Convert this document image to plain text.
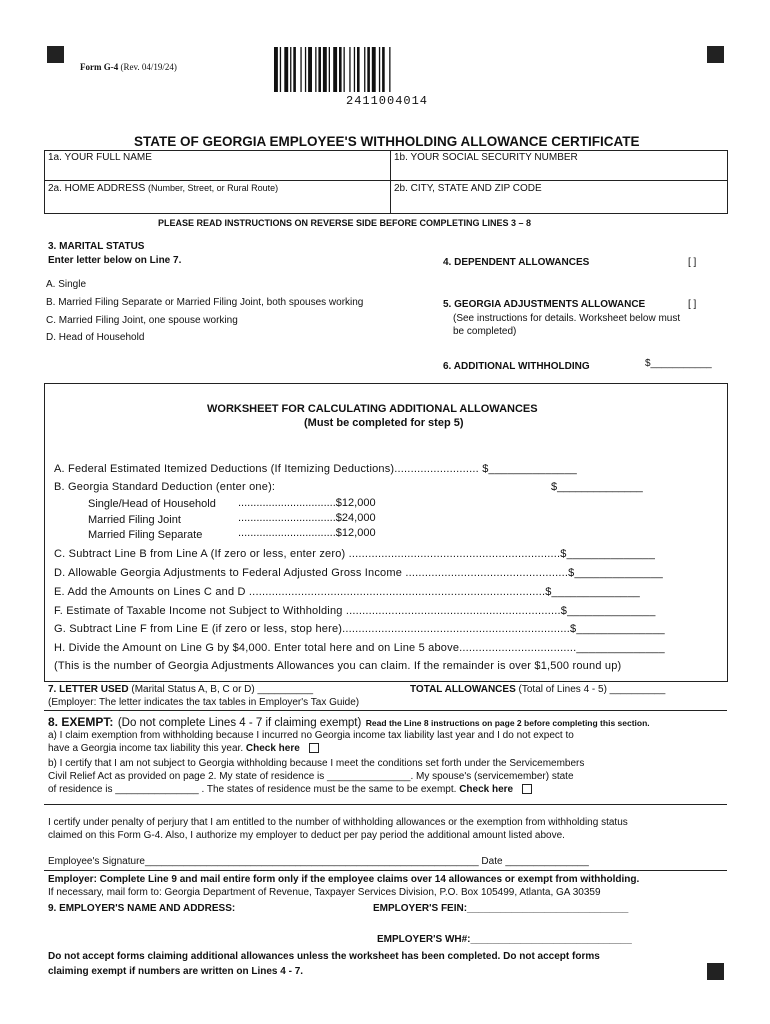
Form G-4 (Rev. 04/19/24)
2411004014
STATE OF GEORGIA EMPLOYEE'S WITHHOLDING ALLOWANCE CERTIFICATE
1a. YOUR FULL NAME	1b. YOUR SOCIAL SECURITY NUMBER
2a. HOME ADDRESS (Number, Street, or Rural Route)	2b. CITY, STATE AND ZIP CODE
PLEASE READ INSTRUCTIONS ON REVERSE SIDE BEFORE COMPLETING LINES 3 – 8
3. MARITAL STATUS
Enter letter below on Line 7.
A. Single
B. Married Filing Separate or Married Filing Joint, both spouses working
C. Married Filing Joint, one spouse working
D. Head of Household
4. DEPENDENT ALLOWANCES	[ ]
5. GEORGIA ADJUSTMENTS ALLOWANCE	[ ]
(See instructions for details. Worksheet below must
be completed)
6. ADDITIONAL WITHHOLDING	$___________
WORKSHEET FOR CALCULATING ADDITIONAL ALLOWANCES
(Must be completed for step 5)
A. Federal Estimated Itemized Deductions (If Itemizing Deductions).......................... $______________
B. Georgia Standard Deduction (enter one):	$______________
Single/Head of Household ................................$12,000
Married Filing Joint	................................$24,000
Married Filing Separate	................................$12,000
C. Subtract Line B from Line A (If zero or less, enter zero) .................................................................$______________
D. Allowable Georgia Adjustments to Federal Adjusted Gross Income ..................................................$______________
E. Add the Amounts on Lines C and D ...........................................................................................$______________
F. Estimate of Taxable Income not Subject to Withholding ..................................................................$______________
G. Subtract Line F from Line E (if zero or less, stop here)......................................................................$______________
H. Divide the Amount on Line G by $4,000. Enter total here and on Line 5 above....................................______________
(This is the number of Georgia Adjustments Allowances you can claim. If the remainder is over $1,500 round up)
7. LETTER USED (Marital Status A, B, C or D) __________	TOTAL ALLOWANCES (Total of Lines 4 - 5) __________
(Employer: The letter indicates the tax tables in Employer's Tax Guide)
8. EXEMPT: (Do not complete Lines 4 - 7 if claiming exempt) Read the Line 8 instructions on page 2 before completing this section.
a) I claim exemption from withholding because I incurred no Georgia income tax liability last year and I do not expect to
have a Georgia income tax liability this year. Check here
b) I certify that I am not subject to Georgia withholding because I meet the conditions set forth under the Servicemembers
Civil Relief Act as provided on page 2. My state of residence is _______________. My spouse's (servicemember) state
of residence is _______________ . The states of residence must be the same to be exempt. Check here
I certify under penalty of perjury that I am entitled to the number of withholding allowances or the exemption from withholding status
claimed on this Form G-4. Also, I authorize my employer to deduct per pay period the additional amount listed above.
Employee's Signature____________________________________________________________ Date _______________
Employer: Complete Line 9 and mail entire form only if the employee claims over 14 allowances or exempt from withholding.
If necessary, mail form to: Georgia Department of Revenue, Taxpayer Services Division, P.O. Box 105499, Atlanta, GA 30359
9. EMPLOYER'S NAME AND ADDRESS:	EMPLOYER'S FEIN:_____________________________
EMPLOYER'S WH#:_____________________________
Do not accept forms claiming additional allowances unless the worksheet has been completed. Do not accept forms
claiming exempt if numbers are written on Lines 4 - 7.
